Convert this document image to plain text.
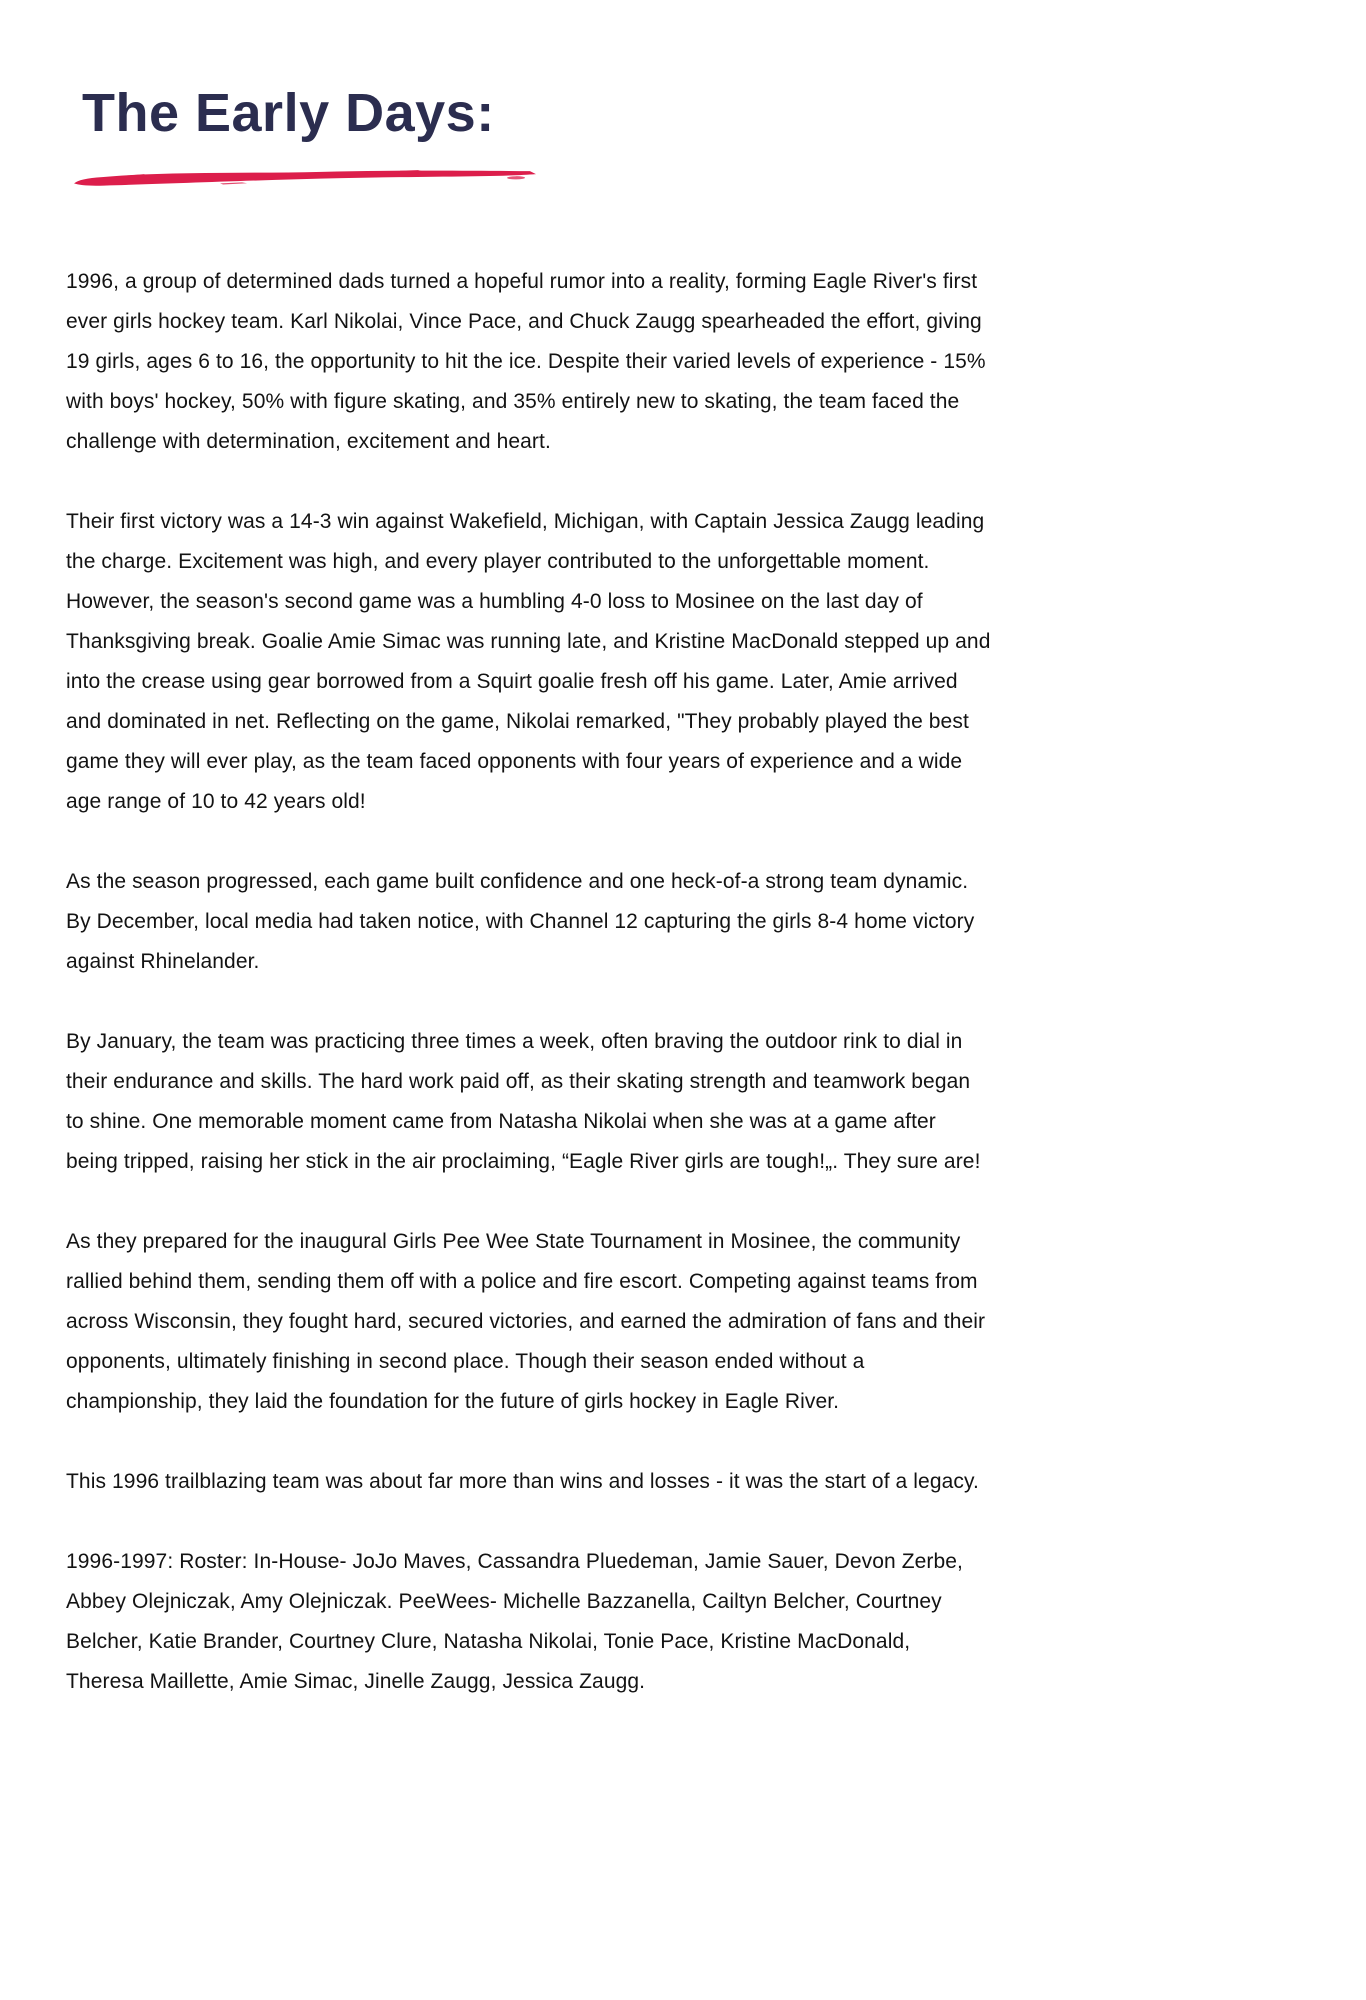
The Early Days:

1996, a group of determined dads turned a hopeful rumor into a reality, forming Eagle River's first ever girls hockey team. Karl Nikolai, Vince Pace, and Chuck Zaugg spearheaded the effort, giving 19 girls, ages 6 to 16, the opportunity to hit the ice. Despite their varied levels of experience - 15% with boys' hockey, 50% with figure skating, and 35% entirely new to skating, the team faced the challenge with determination, excitement and heart.

Their first victory was a 14-3 win against Wakefield, Michigan, with Captain Jessica Zaugg leading the charge. Excitement was high, and every player contributed to the unforgettable moment. However, the season's second game was a humbling 4-0 loss to Mosinee on the last day of Thanksgiving break. Goalie Amie Simac was running late, and Kristine MacDonald stepped up and into the crease using gear borrowed from a Squirt goalie fresh off his game. Later, Amie arrived and dominated in net. Reflecting on the game, Nikolai remarked, "They probably played the best game they will ever play, as the team faced opponents with four years of experience and a wide age range of 10 to 42 years old!

As the season progressed, each game built confidence and one heck-of-a strong team dynamic. By December, local media had taken notice, with Channel 12 capturing the girls 8-4 home victory against Rhinelander.

By January, the team was practicing three times a week, often braving the outdoor rink to dial in their endurance and skills. The hard work paid off, as their skating strength and teamwork began to shine. One memorable moment came from Natasha Nikolai when she was at a game after being tripped, raising her stick in the air proclaiming, “Eagle River girls are tough!„. They sure are!

As they prepared for the inaugural Girls Pee Wee State Tournament in Mosinee, the community rallied behind them, sending them off with a police and fire escort. Competing against teams from across Wisconsin, they fought hard, secured victories, and earned the admiration of fans and their opponents, ultimately finishing in second place. Though their season ended without a championship, they laid the foundation for the future of girls hockey in Eagle River.

This 1996 trailblazing team was about far more than wins and losses - it was the start of a legacy.

1996-1997: Roster: In-House- JoJo Maves, Cassandra Pluedeman, Jamie Sauer, Devon Zerbe, Abbey Olejniczak, Amy Olejniczak. PeeWees- Michelle Bazzanella, Cailtyn Belcher, Courtney Belcher, Katie Brander, Courtney Clure, Natasha Nikolai, Tonie Pace, Kristine MacDonald, Theresa Maillette, Amie Simac, Jinelle Zaugg, Jessica Zaugg.
